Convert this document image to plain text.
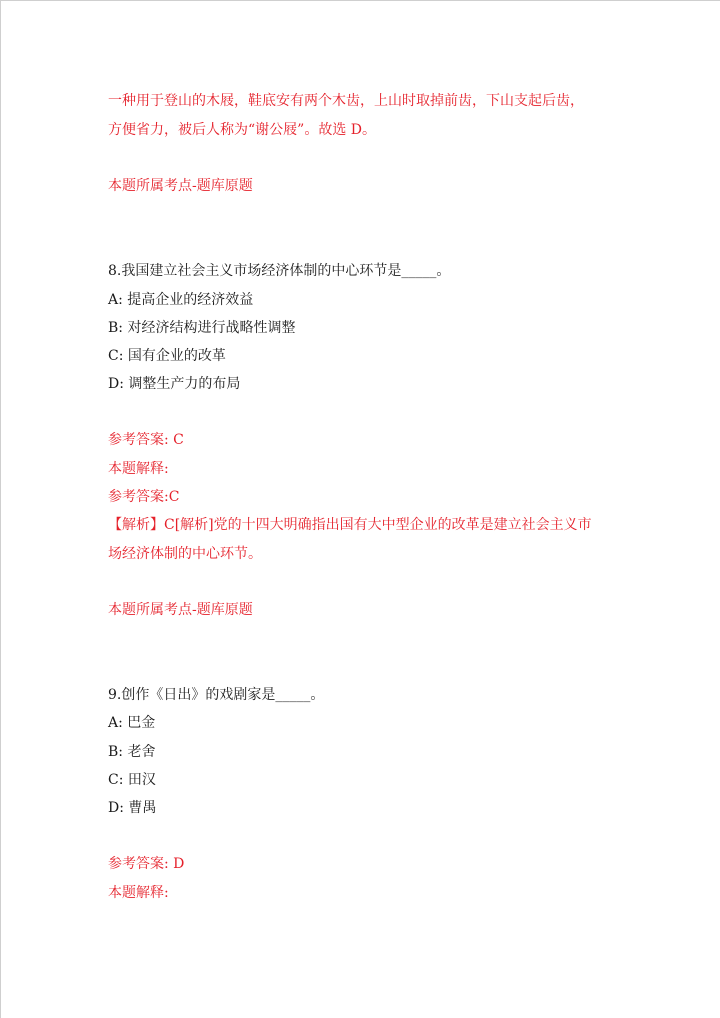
一种用于登山的木屐，鞋底安有两个木齿，上山时取掉前齿，下山支起后齿，
方便省力，被后人称为“谢公屐”。故选 D。
本题所属考点-题库原题
8.我国建立社会主义市场经济体制的中心环节是_____。
A: 提高企业的经济效益
B: 对经济结构进行战略性调整
C: 国有企业的改革
D: 调整生产力的布局
参考答案: C
本题解释:
参考答案:C
【解析】C[解析]党的十四大明确指出国有大中型企业的改革是建立社会主义市
场经济体制的中心环节。
本题所属考点-题库原题
9.创作《日出》的戏剧家是_____。
A: 巴金
B: 老舍
C: 田汉
D: 曹禺
参考答案: D
本题解释:
